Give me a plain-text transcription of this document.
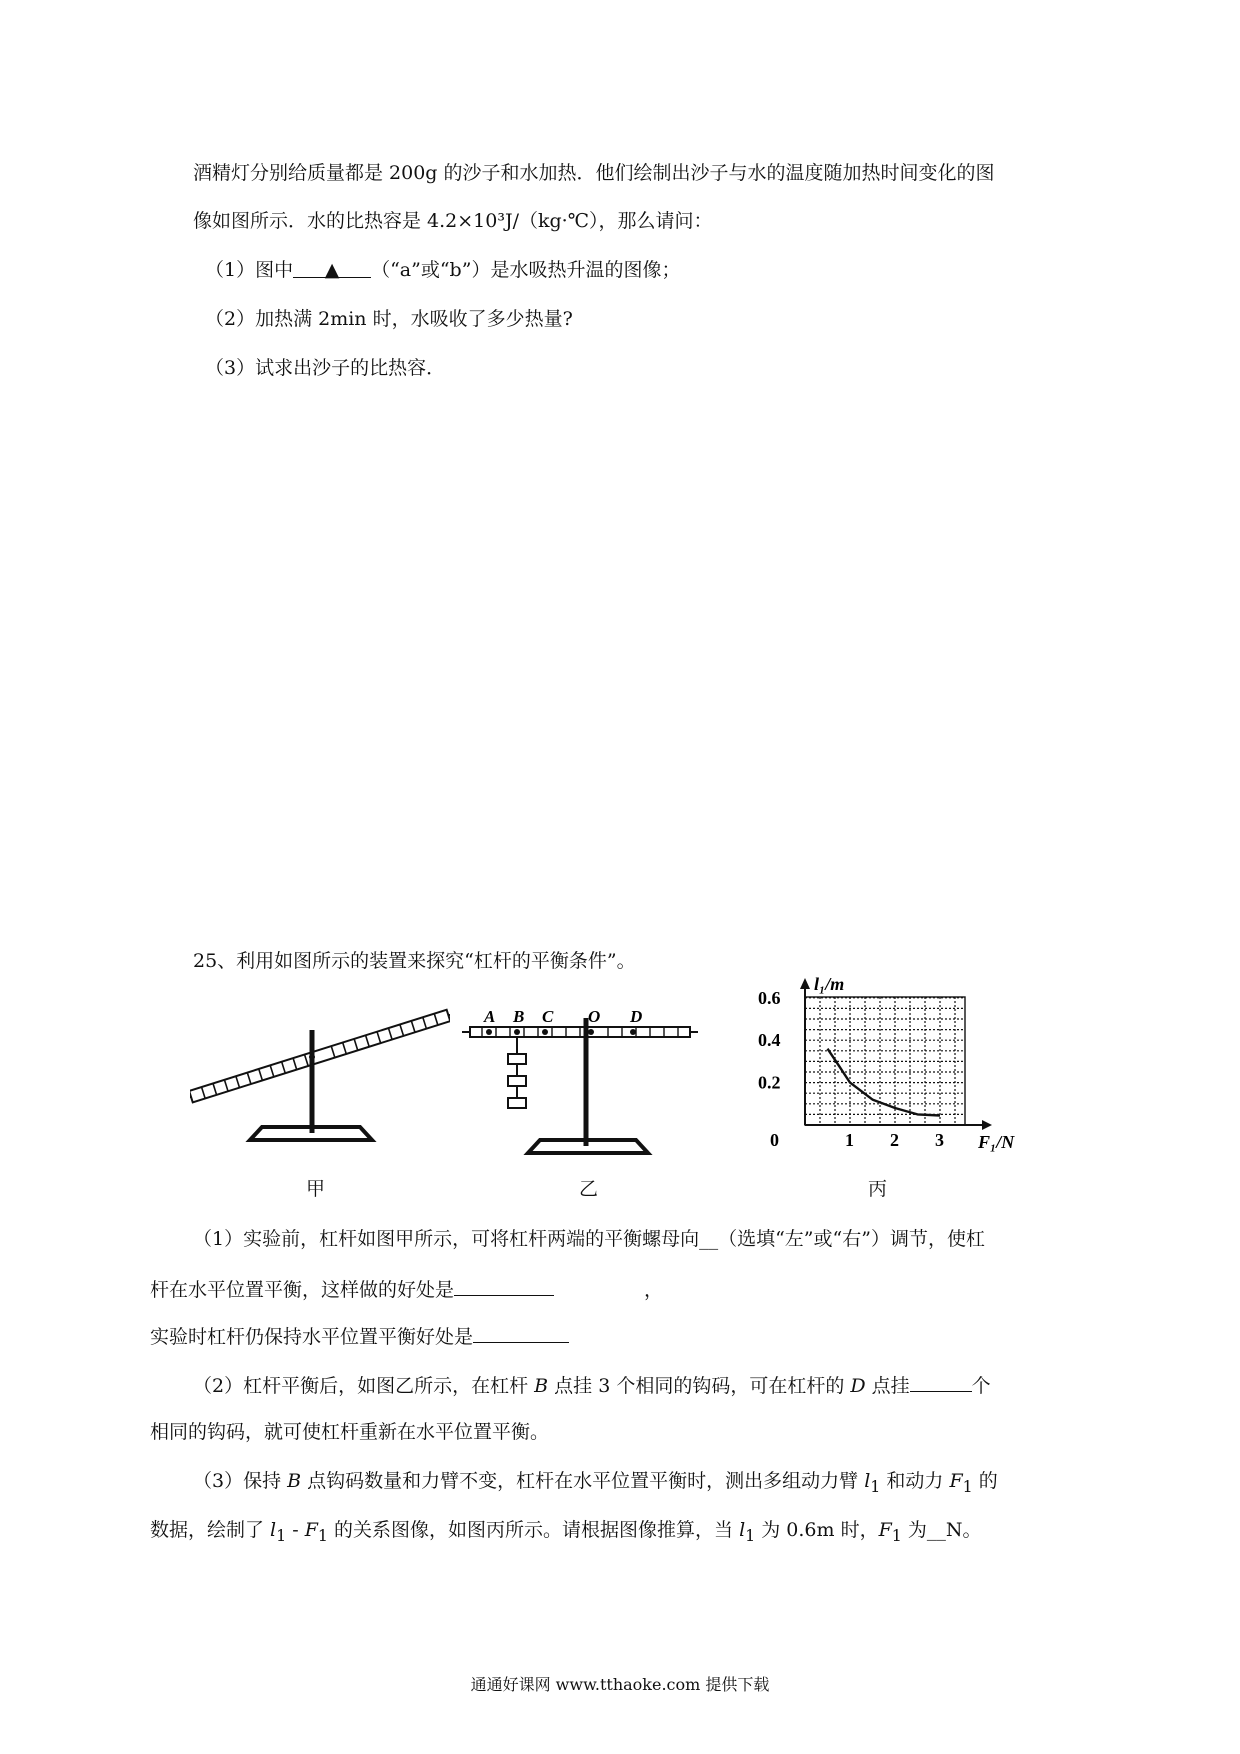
酒精灯分别给质量都是 200g 的沙子和水加热．他们绘制出沙子与水的温度随加热时间变化的图
像如图所示．水的比热容是 4.2×10³J/（kg·℃），那么请问：
（1）图中 ▲ （“a”或“b”）是水吸热升温的图像；
（2）加热满 2min 时，水吸收了多少热量?
（3）试求出沙子的比热容．
25、利用如图所示的装置来探究“杠杆的平衡条件”。
甲
A B C O D
乙
1 2 3
0.6
0.4
0.2
0
l₁/m
F₁/N
丙
（1）实验前，杠杆如图甲所示，可将杠杆两端的平衡螺母向__（选填“左”或“右”）调节，使杠
杆在水平位置平衡，这样做的好处是	，
实验时杠杆仍保持水平位置平衡好处是
（2）杠杆平衡后，如图乙所示，在杠杆 B 点挂 3 个相同的钩码，可在杠杆的 D 点挂	个
相同的钩码，就可使杠杆重新在水平位置平衡。
（3）保持 B 点钩码数量和力臂不变，杠杆在水平位置平衡时，测出多组动力臂 $l_1$ 和动力 $F_1$ 的
数据，绘制了 $l_1 - F_1$ 的关系图像，如图丙所示。请根据图像推算，当 $l_1$ 为 0.6m 时，$F_1$ 为__N。
通通好课网 www.tthaoke.com 提供下载
